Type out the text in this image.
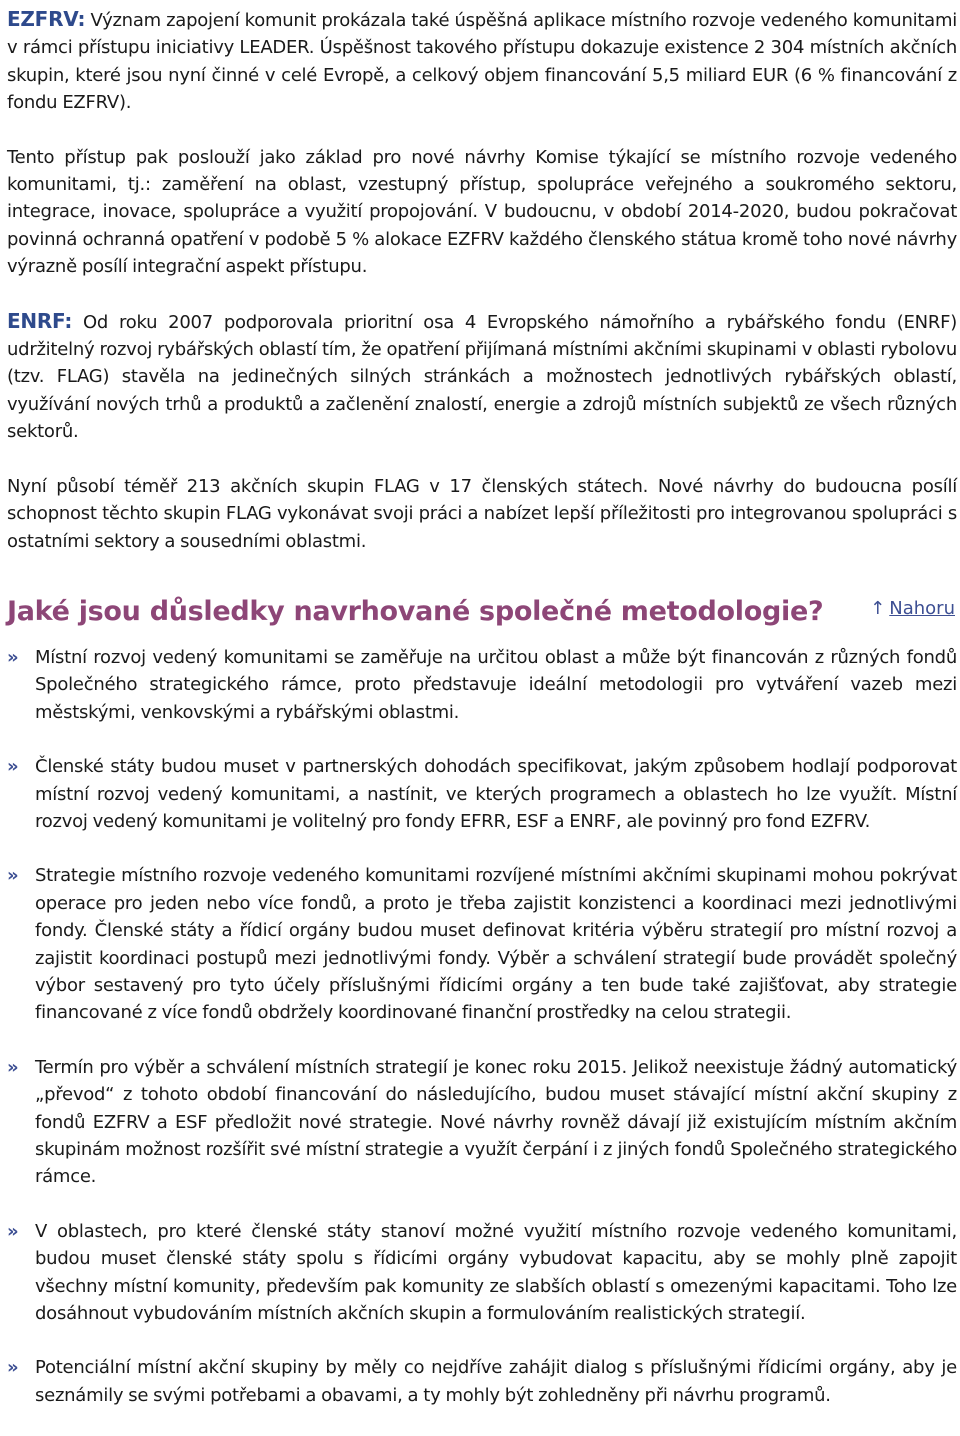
EZFRV: Význam zapojení komunit prokázala také úspěšná aplikace místního rozvoje vedeného komunitami v rámci přístupu iniciativy LEADER. Úspěšnost takového přístupu dokazuje existence 2 304 místních akčních skupin, které jsou nyní činné v celé Evropě, a celkový objem financování 5,5 miliard EUR (6 % financování z fondu EZFRV).

Tento přístup pak poslouží jako základ pro nové návrhy Komise týkající se místního rozvoje vedeného komunitami, tj.: zaměření na oblast, vzestupný přístup, spolupráce veřejného a soukromého sektoru, integrace, inovace, spolupráce a využití propojování. V budoucnu, v období 2014-2020, budou pokračovat povinná ochranná opatření v podobě 5 % alokace EZFRV každého členského státua kromě toho nové návrhy výrazně posílí integrační aspekt přístupu.

ENRF: Od roku 2007 podporovala prioritní osa 4 Evropského námořního a rybářského fondu (ENRF) udržitelný rozvoj rybářských oblastí tím, že opatření přijímaná místními akčními skupinami v oblasti rybolovu (tzv. FLAG) stavěla na jedinečných silných stránkách a možnostech jednotlivých rybářských oblastí, využívání nových trhů a produktů a začlenění znalostí, energie a zdrojů místních subjektů ze všech různých sektorů.

Nyní působí téměř 213 akčních skupin FLAG v 17 členských státech. Nové návrhy do budoucna posílí schopnost těchto skupin FLAG vykonávat svoji práci a nabízet lepší příležitosti pro integrovanou spolupráci s ostatními sektory a sousedními oblastmi.

Jaké jsou důsledky navrhované společné metodologie?	↑ Nahoru
» Místní rozvoj vedený komunitami se zaměřuje na určitou oblast a může být financován z různých fondů Společného strategického rámce, proto představuje ideální metodologii pro vytváření vazeb mezi městskými, venkovskými a rybářskými oblastmi.

» Členské státy budou muset v partnerských dohodách specifikovat, jakým způsobem hodlají podporovat místní rozvoj vedený komunitami, a nastínit, ve kterých programech a oblastech ho lze využít. Místní rozvoj vedený komunitami je volitelný pro fondy EFRR, ESF a ENRF, ale povinný pro fond EZFRV.

» Strategie místního rozvoje vedeného komunitami rozvíjené místními akčními skupinami mohou pokrývat operace pro jeden nebo více fondů, a proto je třeba zajistit konzistenci a koordinaci mezi jednotlivými fondy. Členské státy a řídicí orgány budou muset definovat kritéria výběru strategií pro místní rozvoj a zajistit koordinaci postupů mezi jednotlivými fondy. Výběr a schválení strategií bude provádět společný výbor sestavený pro tyto účely příslušnými řídicími orgány a ten bude také zajišťovat, aby strategie financované z více fondů obdržely koordinované finanční prostředky na celou strategii.

» Termín pro výběr a schválení místních strategií je konec roku 2015. Jelikož neexistuje žádný automatický „převod“ z tohoto období financování do následujícího, budou muset stávající místní akční skupiny z fondů EZFRV a ESF předložit nové strategie. Nové návrhy rovněž dávají již existujícím místním akčním skupinám možnost rozšířit své místní strategie a využít čerpání i z jiných fondů Společného strategického rámce.

» V oblastech, pro které členské státy stanoví možné využití místního rozvoje vedeného komunitami, budou muset členské státy spolu s řídicími orgány vybudovat kapacitu, aby se mohly plně zapojit všechny místní komunity, především pak komunity ze slabších oblastí s omezenými kapacitami. Toho lze dosáhnout vybudováním místních akčních skupin a formulováním realistických strategií.

» Potenciální místní akční skupiny by měly co nejdříve zahájit dialog s příslušnými řídicími orgány, aby je seznámily se svými potřebami a obavami, a ty mohly být zohledněny při návrhu programů.
